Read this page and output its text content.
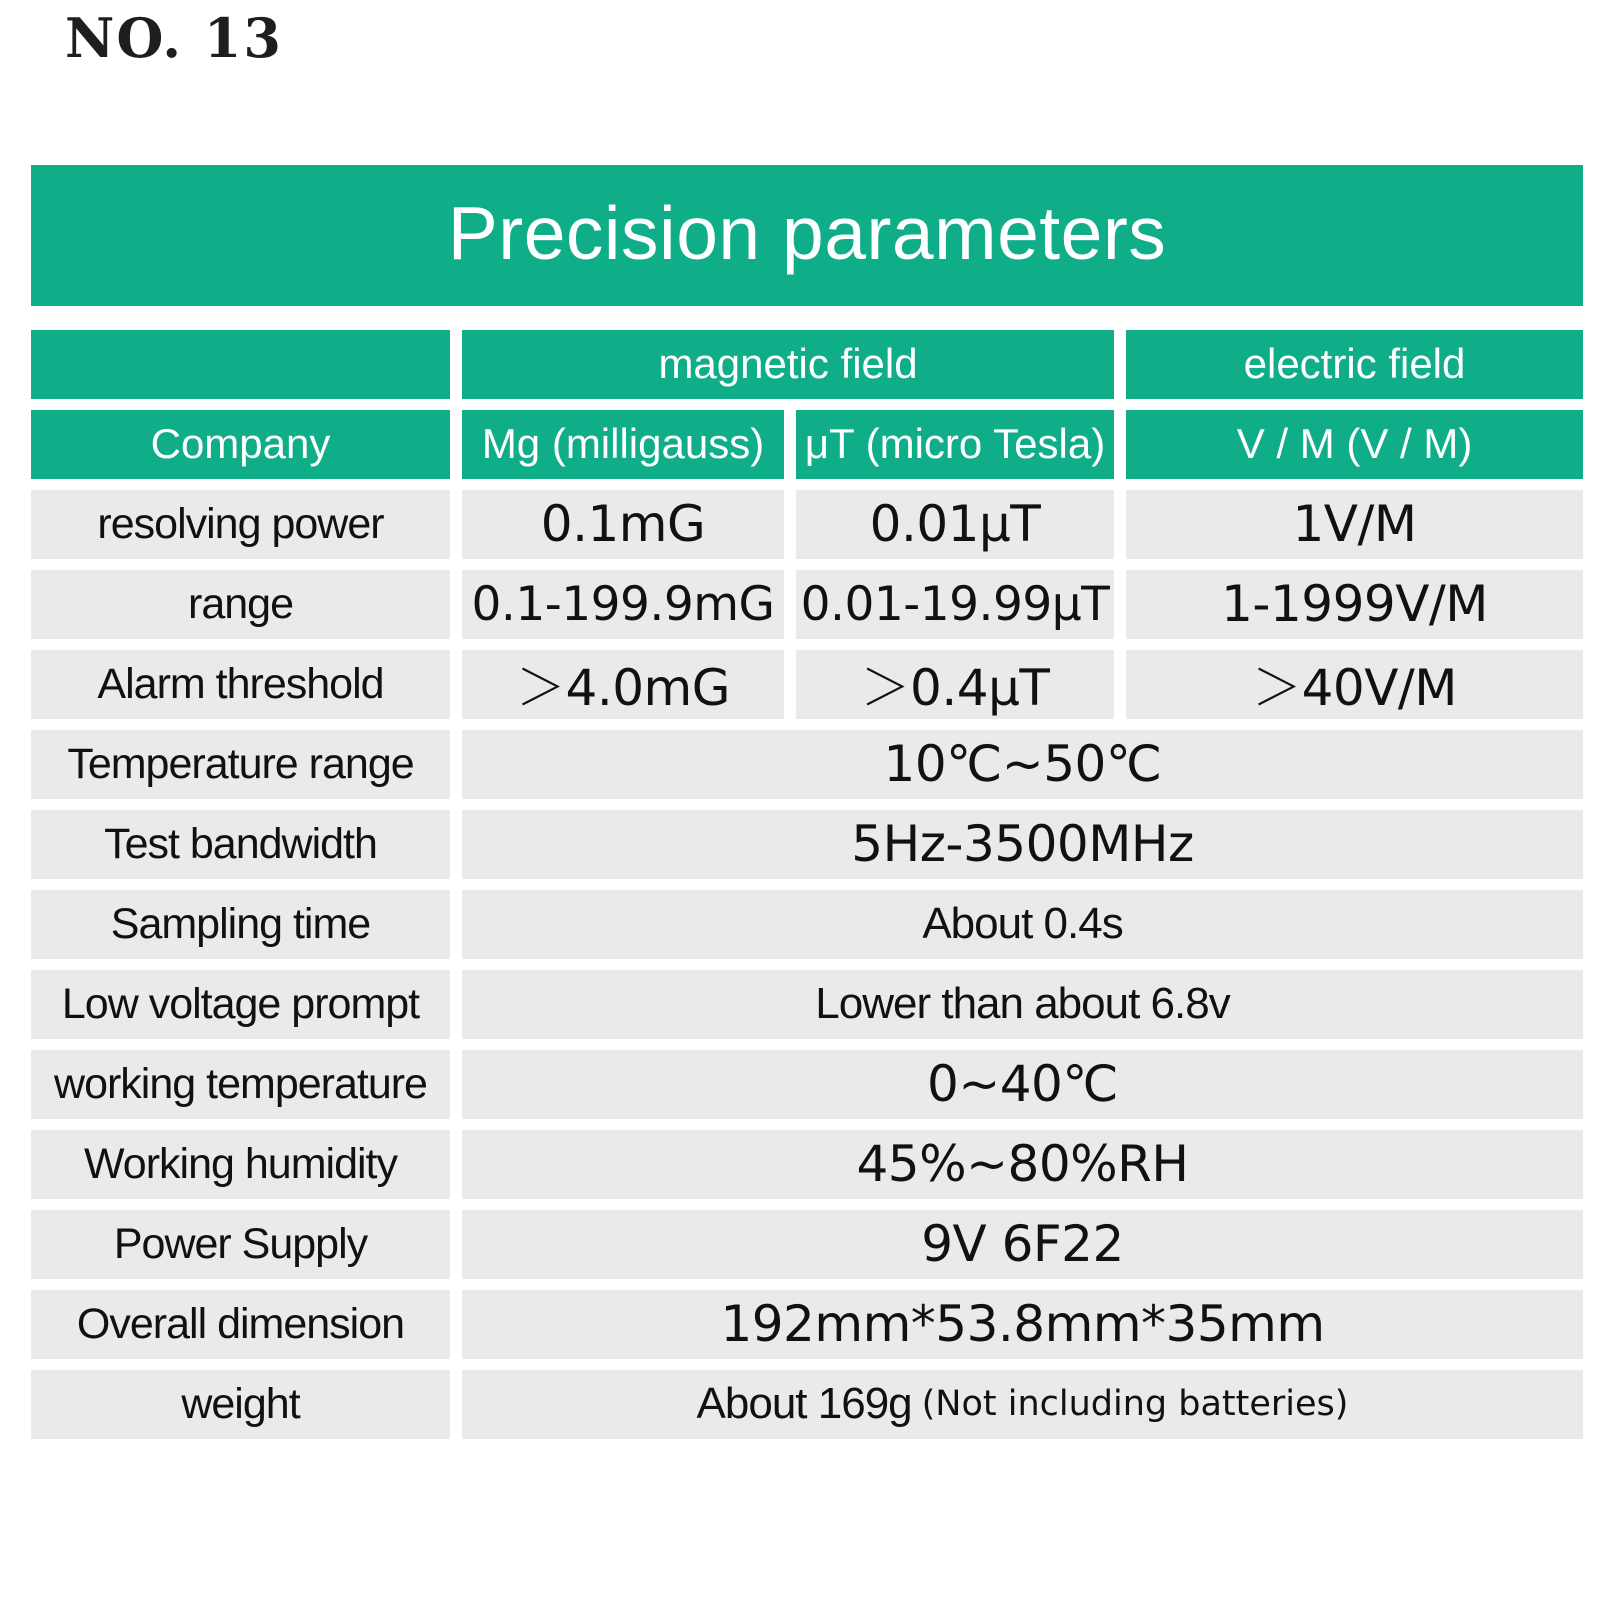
NO. 13
Precision parameters

magnetic field		electric field

Company	Mg (milligauss)	μT (micro Tesla)	V / M (V / M)

resolving power	0.1mG	0.01μT	1V/M

range	0.1-199.9mG	0.01-19.99μT	1-1999V/M

Alarm threshold	＞4.0mG	＞0.4μT	＞40V/M

Temperature range	10℃~50℃		

Test bandwidth	5Hz-3500MHz		

Sampling time	About 0.4s		

Low voltage prompt	Lower than about 6.8v		

working temperature	0~40℃		

Working humidity	45%~80%RH		

Power Supply	9V 6F22		

Overall dimension	192mm*53.8mm*35mm		

weight	About 169g (Not including batteries)		
